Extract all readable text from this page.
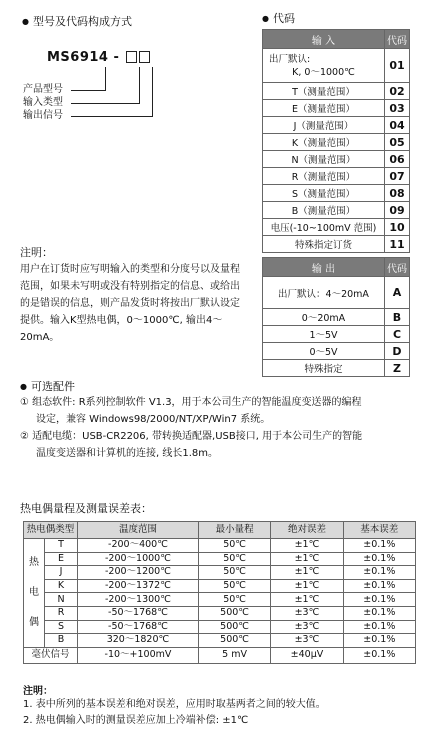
● 型号及代码构成方式
MS6914 -
产品型号
输入类型
输出信号
● 代码
输 入	代码

出厂默认:
K, 0～1000℃	01
T（测量范围）	02
E（测量范围）	03
J（测量范围）	04
K（测量范围）	05
N（测量范围）	06
R（测量范围）	07
S（测量范围）	08
B（测量范围）	09
电压(-10~100mV 范围)	10
特殊指定订货	11
注明：
用户在订货时应写明输入的类型和分度号以及量程
范围，如果未写明或没有特别指定的信息、或给出
的是错误的信息，则产品发货时将按出厂默认设定
提供。输入K型热电偶，0～1000℃, 输出4～20mA。
输 出	代码
出厂默认：4～20mA	A
0～20mA	B
1～5V	C
0～5V	D
特殊指定	Z
● 可选配件
① 组态软件: R系列控制软件 V1.3，用于本公司生产的智能温度变送器的编程
设定，兼容 Windows98/2000/NT/XP/Win7 系统。
② 适配电缆：USB-CR2206, 带转换适配器,USB接口, 用于本公司生产的智能
温度变送器和计算机的连接, 线长1.8m。
热电偶量程及测量误差表：
热电偶类型		温度范围	最小量程	绝对误差	基本误差

热
电
偶	T	-200～400℃	50℃	±1℃	±0.1%
	E	-200～1000℃	50℃	±1℃	±0.1%
	J	-200～1200℃	50℃	±1℃	±0.1%
	K	-200～1372℃	50℃	±1℃	±0.1%
	N	-200～1300℃	50℃	±1℃	±0.1%
	R	-50～1768℃	500℃	±3℃	±0.1%
	S	-50～1768℃	500℃	±3℃	±0.1%
	B	320～1820℃	500℃	±3℃	±0.1%
毫伏信号		-10～+100mV	5 mV	±40μV	±0.1%
注明：
1. 表中所列的基本误差和绝对误差，应用时取基两者之间的较大值。
2. 热电偶输入时的测量误差应加上冷端补偿: ±1℃
